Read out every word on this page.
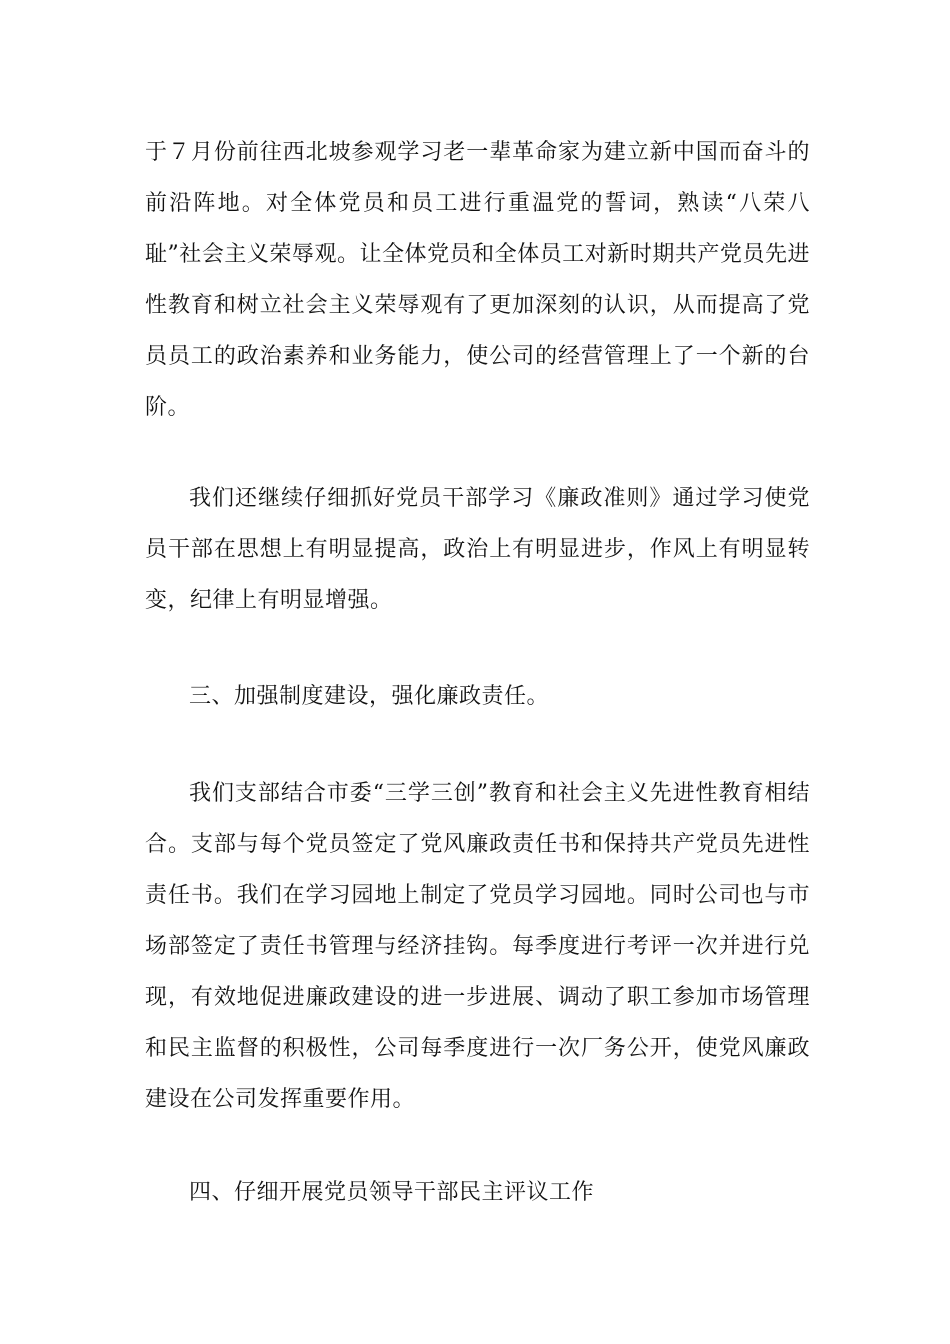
于７月份前往西北坡参观学习老一辈革命家为建立新中国而奋斗的前沿阵地。对全体党员和员工进行重温党的誓词，熟读“八荣八耻”社会主义荣辱观。让全体党员和全体员工对新时期共产党员先进性教育和树立社会主义荣辱观有了更加深刻的认识，从而提高了党员员工的政治素养和业务能力，使公司的经营管理上了一个新的台阶。

我们还继续仔细抓好党员干部学习《廉政准则》通过学习使党员干部在思想上有明显提高，政治上有明显进步，作风上有明显转变，纪律上有明显增强。

三、加强制度建设，强化廉政责任。

我们支部结合市委“三学三创”教育和社会主义先进性教育相结合。支部与每个党员签定了党风廉政责任书和保持共产党员先进性责任书。我们在学习园地上制定了党员学习园地。同时公司也与市场部签定了责任书管理与经济挂钩。每季度进行考评一次并进行兑现，有效地促进廉政建设的进一步进展、调动了职工参加市场管理和民主监督的积极性，公司每季度进行一次厂务公开，使党风廉政建设在公司发挥重要作用。

四、仔细开展党员领导干部民主评议工作
